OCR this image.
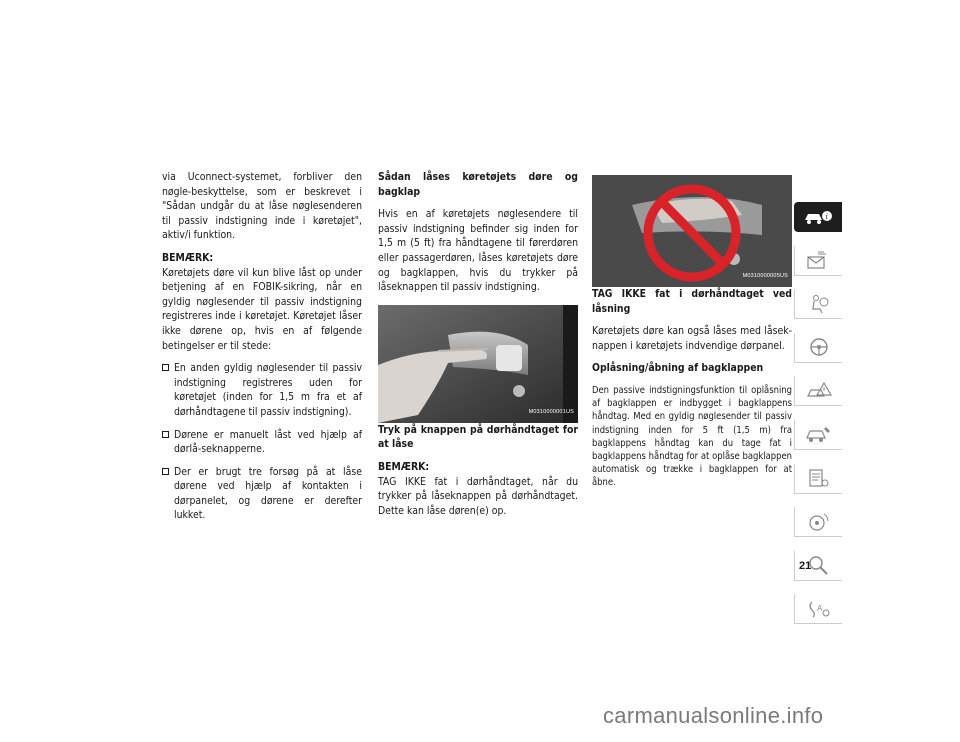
via Uconnect-systemet, forbliver den nøgle-beskyttelse, som er beskrevet i "Sådan undgår du at låse nøglesenderen til passiv indstigning inde i køretøjet", aktiv/i funktion.

BEMÆRK:
Køretøjets døre vil kun blive låst op under betjening af en FOBIK-sikring, når en gyldig nøglesender til passiv indstigning registreres inde i køretøjet. Køretøjet låser ikke dørene op, hvis en af følgende betingelser er til stede:

En anden gyldig nøglesender til passiv indstigning registreres uden for køretøjet (inden for 1,5 m fra et af dørhåndtagene til passiv indstigning).
Dørene er manuelt låst ved hjælp af dørlå-seknapperne.
Der er brugt tre forsøg på at låse dørene ved hjælp af kontakten i dørpanelet, og dørene er derefter lukket.

Sådan låses køretøjets døre og bagklap

Hvis en af køretøjets nøglesendere til passiv indstigning befinder sig inden for 1,5 m (5 ft) fra håndtagene til førerdøren eller passagerdøren, låses køretøjets døre og bagklappen, hvis du trykker på låseknappen til passiv indstigning.

M0310000001US

Tryk på knappen på dørhåndtaget for at låse

BEMÆRK:
TAG IKKE fat i dørhåndtaget, når du trykker på låseknappen på dørhåndtaget. Dette kan låse døren(e) op.

M0310000005US

TAG IKKE fat i dørhåndtaget ved låsning

Køretøjets døre kan også låses med låsek-nappen i køretøjets indvendige dørpanel.

Oplåsning/åbning af bagklappen

Den passive indstigningsfunktion til oplåsning af bagklappen er indbygget i bagklappens håndtag. Med en gyldig nøglesender til passiv indstigning inden for 5 ft (1,5 m) fra bagklappens håndtag kan du tage fat i bagklappens håndtag for at oplåse bagklappen automatisk og trække i bagklappen for at åbne.

i
A
21
carmanualsonline.info
